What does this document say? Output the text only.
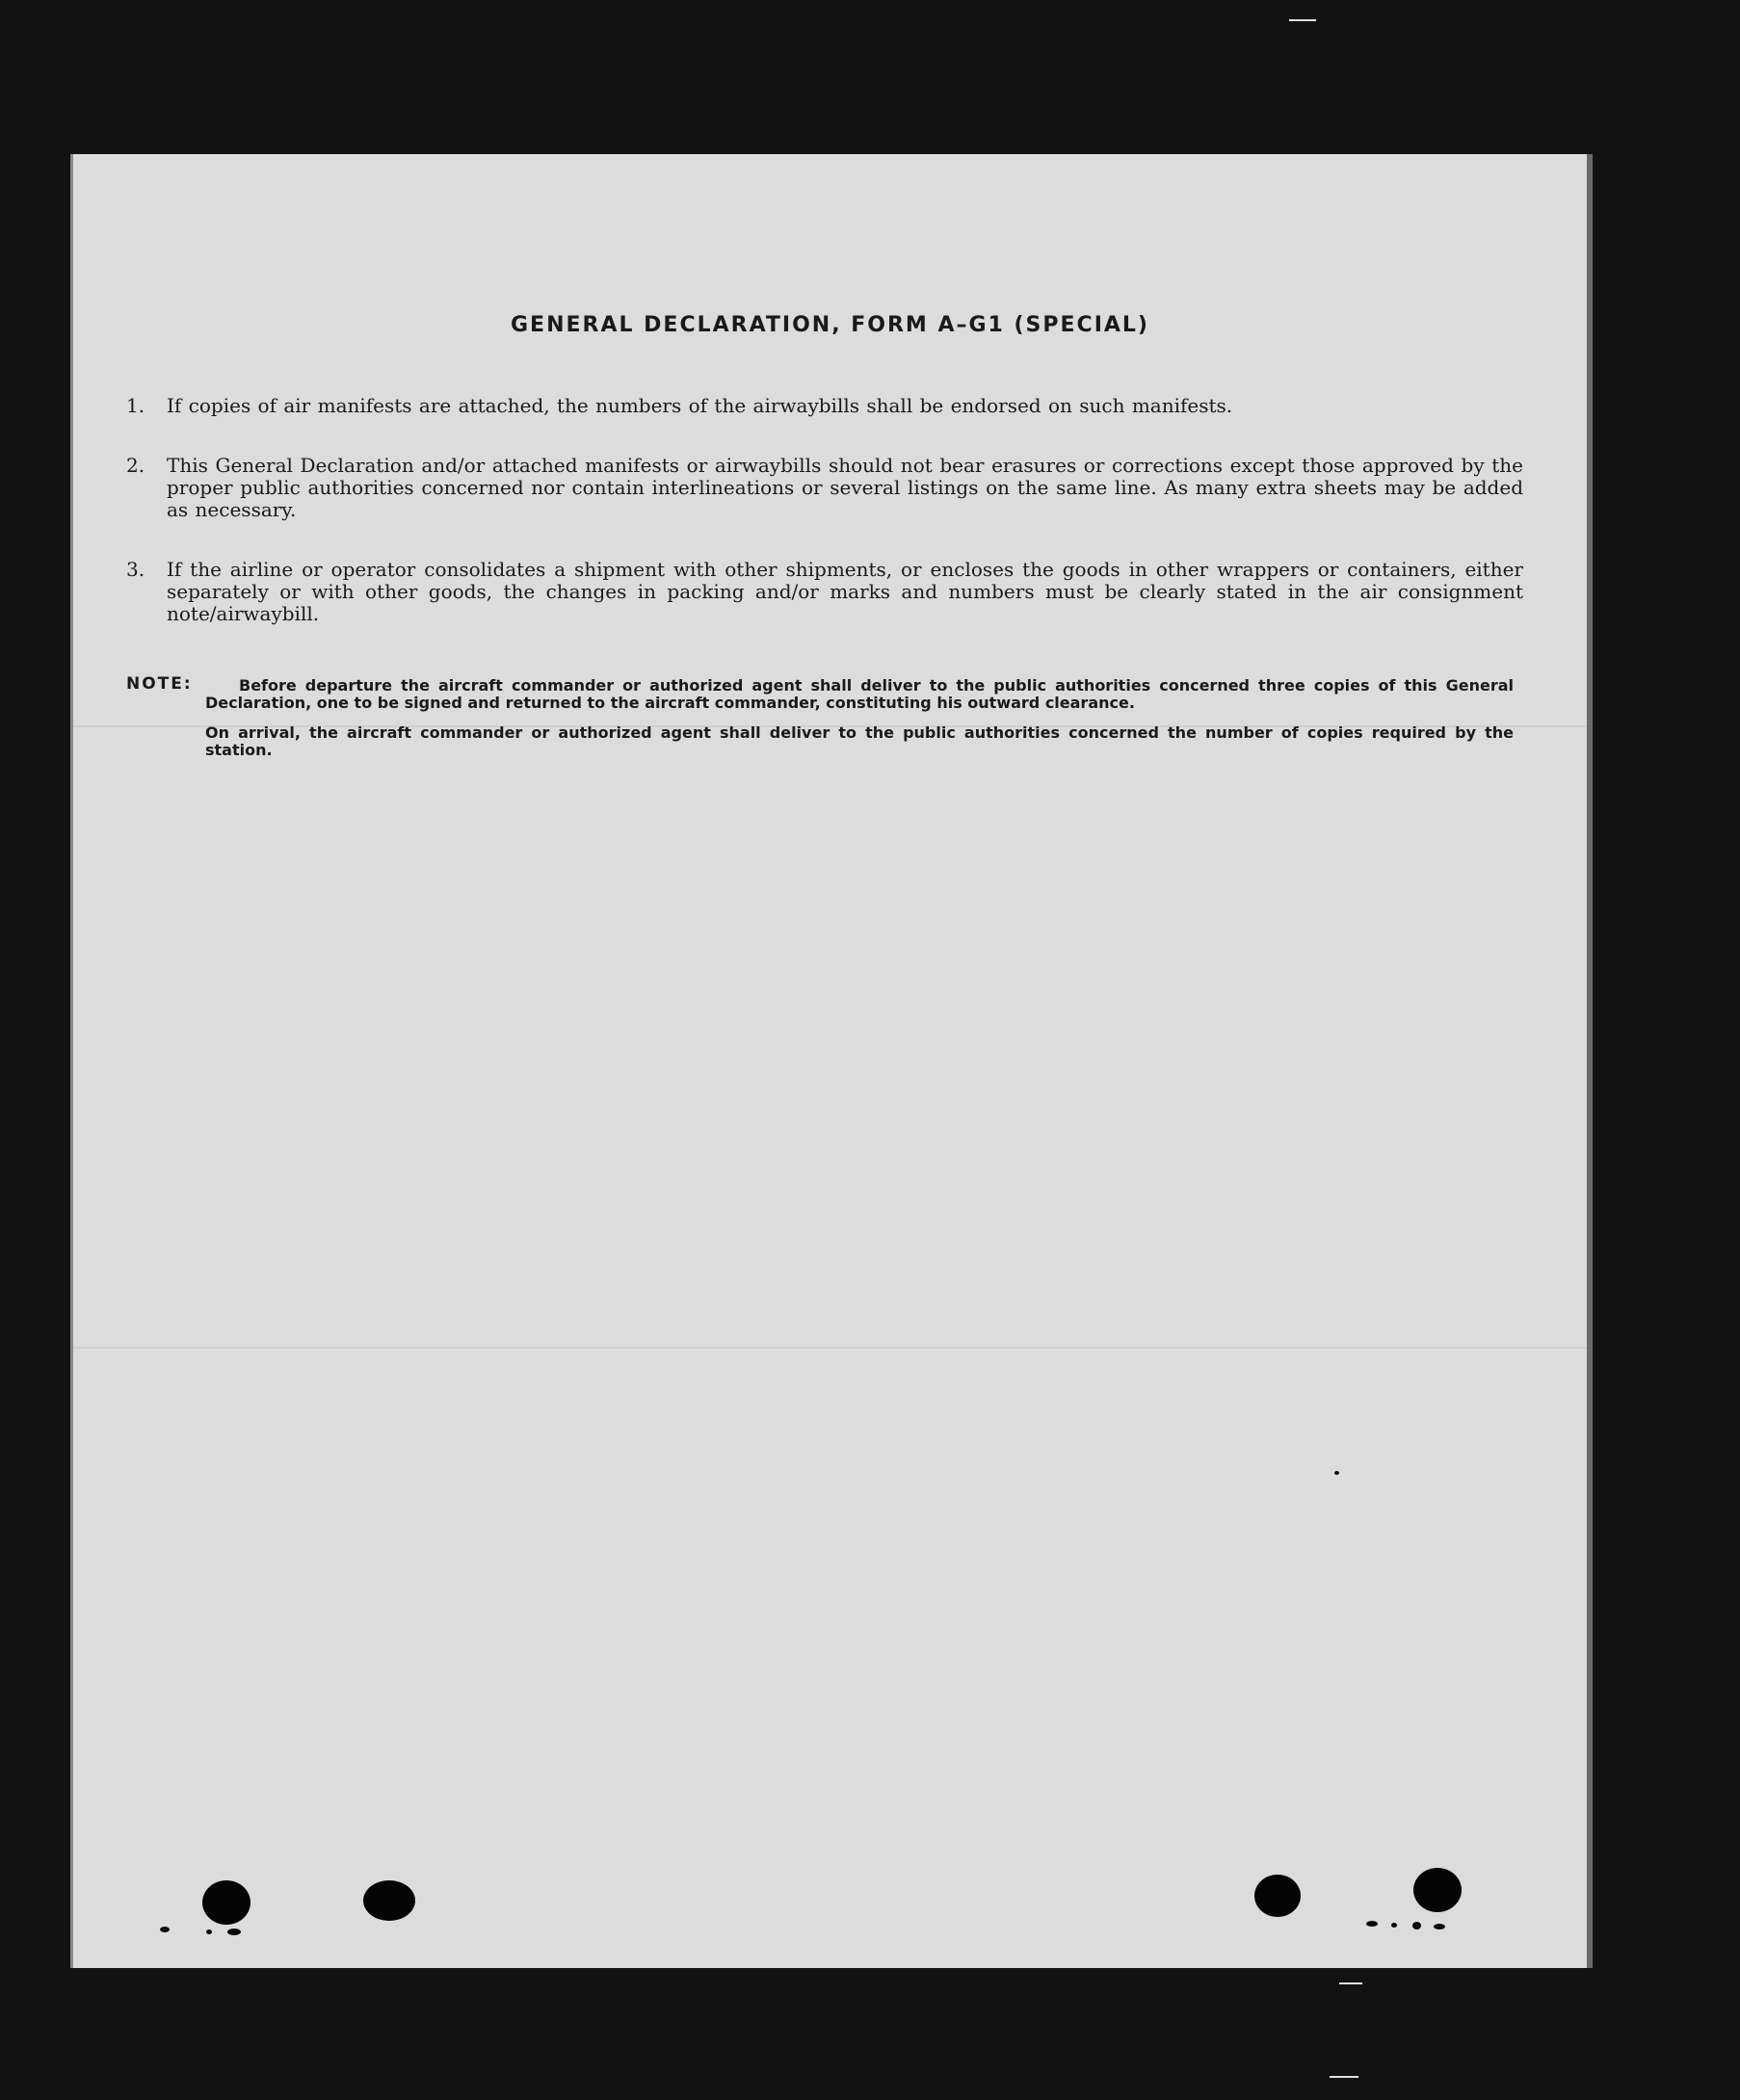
GENERAL DECLARATION, FORM A–G1 (SPECIAL)
1.	If copies of air manifests are attached, the numbers of the airwaybills shall be endorsed on such manifests.
2.	This General Declaration and/or attached manifests or airwaybills should not bear erasures or corrections except those approved by the proper public authorities concerned nor contain interlineations or several listings on the same line. As many extra sheets may be added as necessary.
3.	If the airline or operator consolidates a shipment with other shipments, or encloses the goods in other wrappers or containers, either separately or with other goods, the changes in packing and/or marks and numbers must be clearly stated in the air consignment note/airwaybill.
NOTE:	Before departure the aircraft commander or authorized agent shall deliver to the public authorities concerned three copies of this General Declaration, one to be signed and returned to the aircraft commander, constituting his outward clearance.
On arrival, the aircraft commander or authorized agent shall deliver to the public authorities concerned the number of copies required by the station.
